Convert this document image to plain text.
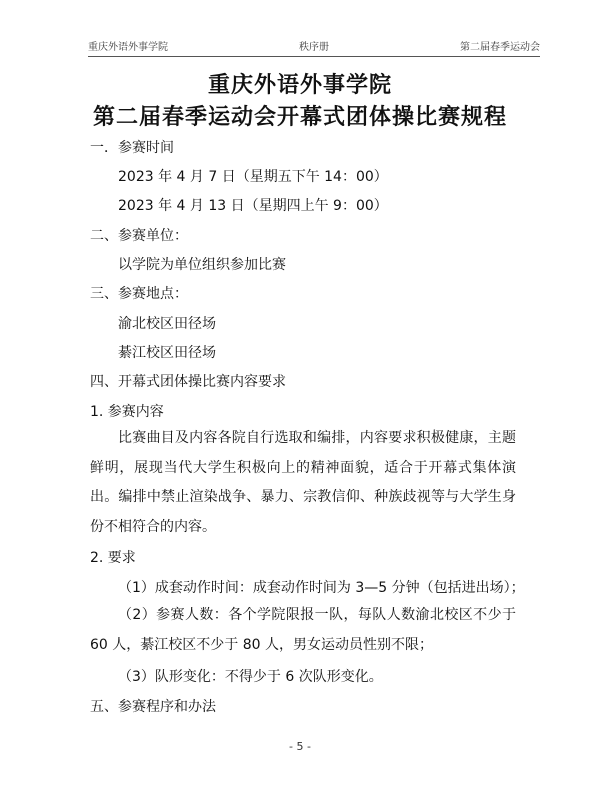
重庆外语外事学院	秩序册	第二届春季运动会
重庆外语外事学院
第二届春季运动会开幕式团体操比赛规程
一．参赛时间
2023 年 4 月 7 日（星期五下午 14：00）
2023 年 4 月 13 日（星期四上午 9：00）
二、参赛单位：
以学院为单位组织参加比赛
三、参赛地点：
渝北校区田径场
綦江校区田径场
四、开幕式团体操比赛内容要求
1. 参赛内容
比赛曲目及内容各院自行选取和编排，内容要求积极健康，主题鲜明，展现当代大学生积极向上的精神面貌，适合于开幕式集体演出。编排中禁止渲染战争、暴力、宗教信仰、种族歧视等与大学生身份不相符合的内容。
2. 要求
（1）成套动作时间：成套动作时间为 3—5 分钟（包括进出场）；
（2）参赛人数：各个学院限报一队，每队人数渝北校区不少于 60 人，綦江校区不少于 80 人，男女运动员性别不限；
（3）队形变化：不得少于 6 次队形变化。
五、参赛程序和办法
- 5 -
